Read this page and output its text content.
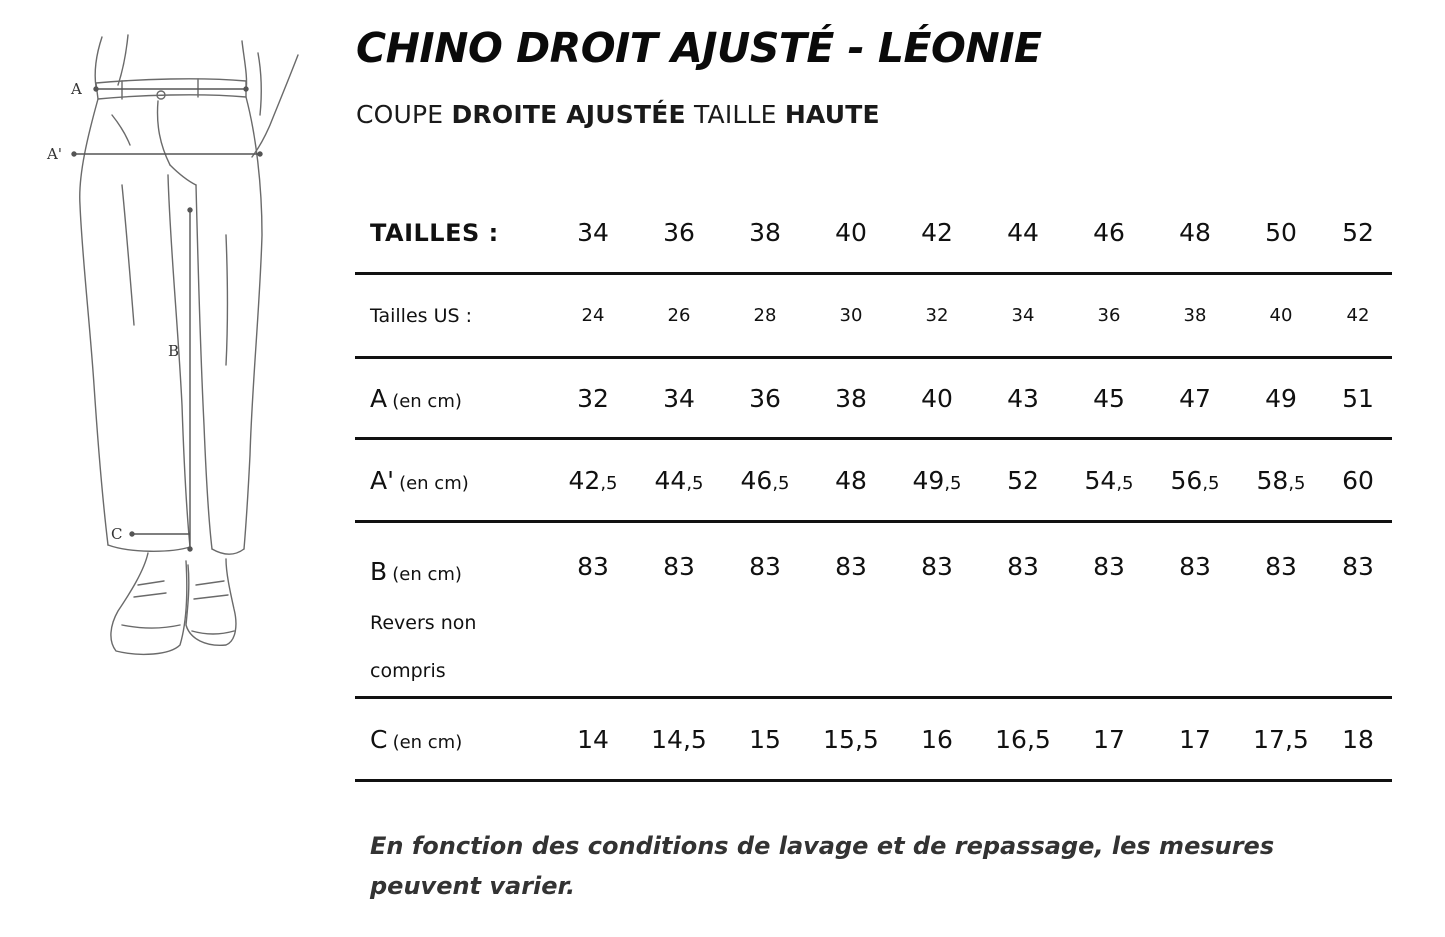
A
A'
B
C
CHINO DROIT AJUSTÉ - LÉONIE
COUPE DROITE AJUSTÉE TAILLE HAUTE
TAILLES :	34	36	38	40	42	44	46	48	50	52
Tailles US :	24	26	28	30	32	34	36	38	40	42
A (en cm)	32	34	36	38	40	43	45	47	49	51
A' (en cm)	42,5	44,5	46,5	48	49,5	52	54,5	56,5	58,5	60
B (en cm)
Revers non
compris
83	83	83	83	83	83	83	83	83	83
C (en cm)	14	14,5	15	15,5	16	16,5	17	17	17,5	18
En fonction des conditions de lavage et de repassage, les mesures
peuvent varier.
